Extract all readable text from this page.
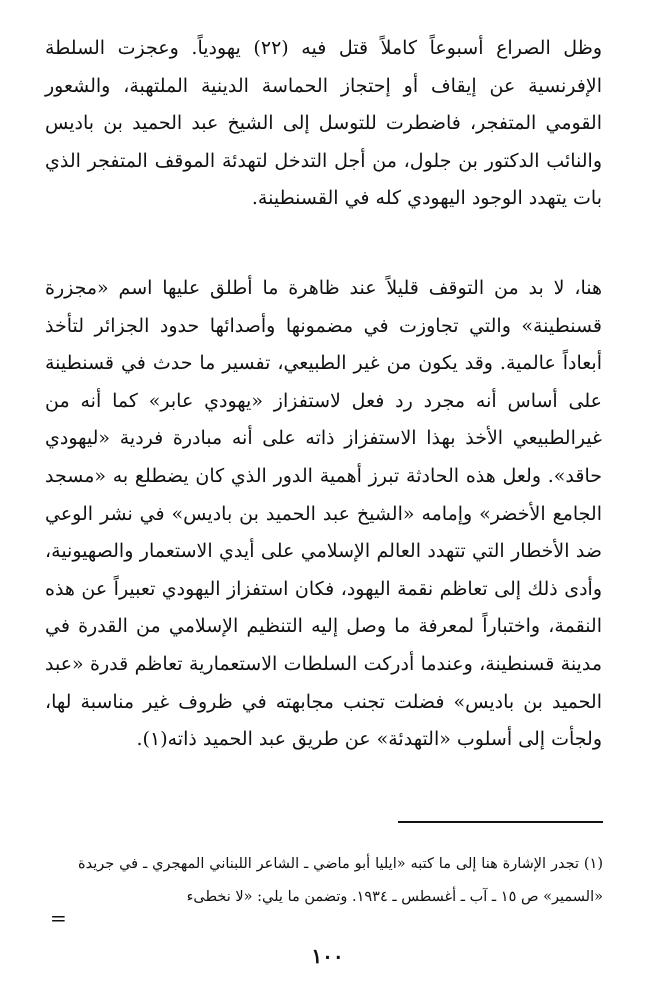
وظل الصراع أسبوعاً كاملاً قتل فيه (٢٢) يهودياً. وعجزت السلطة الإفرنسية عن إيقاف أو إحتجاز الحماسة الدينية الملتهبة، والشعور القومي المتفجر، فاضطرت للتوسل إلى الشيخ عبد الحميد بن باديس والنائب الدكتور بن جلول، من أجل التدخل لتهدئة الموقف المتفجر الذي بات يتهدد الوجود اليهودي كله في القسنطينة.

هنا، لا بد من التوقف قليلاً عند ظاهرة ما أطلق عليها اسم «مجزرة قسنطينة» والتي تجاوزت في مضمونها وأصدائها حدود الجزائر لتأخذ أبعاداً عالمية. وقد يكون من غير الطبيعي، تفسير ما حدث في قسنطينة على أساس أنه مجرد رد فعل لاستفزاز «يهودي عابر» كما أنه من غيرالطبيعي الأخذ بهذا الاستفزاز ذاته على أنه مبادرة فردية «ليهودي حاقد». ولعل هذه الحادثة تبرز أهمية الدور الذي كان يضطلع به «مسجد الجامع الأخضر» وإمامه «الشيخ عبد الحميد بن باديس» في نشر الوعي ضد الأخطار التي تتهدد العالم الإسلامي على أيدي الاستعمار والصهيونية، وأدى ذلك إلى تعاظم نقمة اليهود، فكان استفزاز اليهودي تعبيراً عن هذه النقمة، واختباراً لمعرفة ما وصل إليه التنظيم الإسلامي من القدرة في مدينة قسنطينة، وعندما أدركت السلطات الاستعمارية تعاظم قدرة «عبد الحميد بن باديس» فضلت تجنب مجابهته في ظروف غير مناسبة لها، ولجأت إلى أسلوب «التهدئة» عن طريق عبد الحميد ذاته(١).

(١) تجدر الإشارة هنا إلى ما كتبه «ايليا أبو ماضي ـ الشاعر اللبناني المهجري ـ في جريدة «السمير» ص ١٥ ـ آب ـ أغسطس ـ ١٩٣٤. وتضمن ما يلي: «لا نخطىء

=
١٠٠
